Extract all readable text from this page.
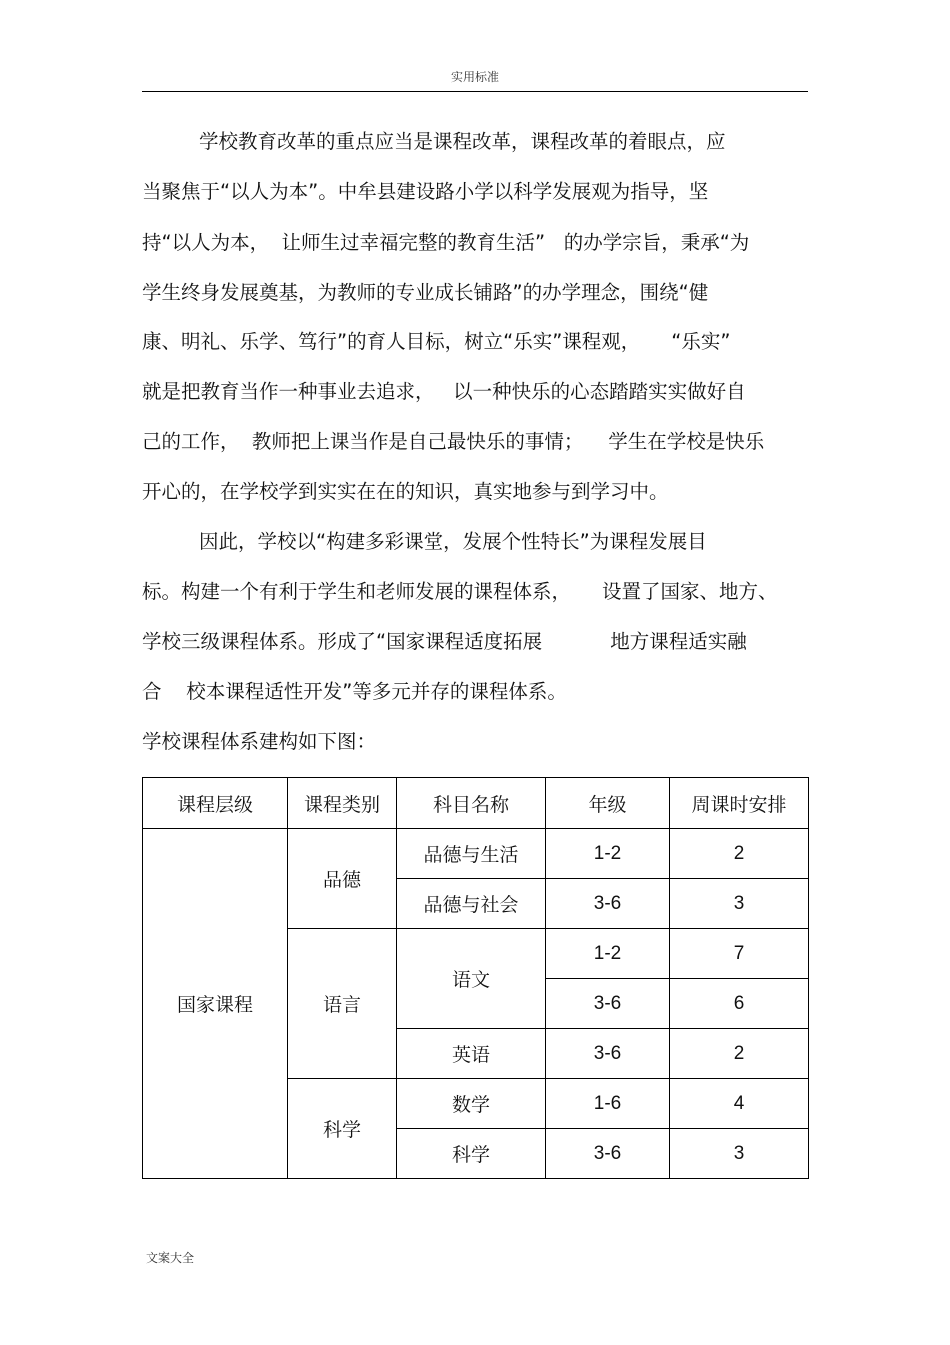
实用标准
学校教育改革的重点应当是课程改革，课程改革的着眼点，应
当聚焦于“以人为本”。中牟县建设路小学以科学发展观为指导，坚
持“以人为本，  让师生过幸福完整的教育生活”   的办学宗旨，秉承“为
学生终身发展奠基，为教师的专业成长铺路”的办学理念，围绕“健
康、明礼、乐学、笃行”的育人目标，树立“乐实”课程观，     “乐实”
就是把教育当作一种事业去追求，   以一种快乐的心态踏踏实实做好自
己的工作，  教师把上课当作是自己最快乐的事情；    学生在学校是快乐
开心的，在学校学到实实在在的知识，真实地参与到学习中。
因此，学校以“构建多彩课堂，发展个性特长”为课程发展目
标。构建一个有利于学生和老师发展的课程体系，     设置了国家、地方、
学校三级课程体系。形成了“国家课程适度拓展           地方课程适实融
合    校本课程适性开发”等多元并存的课程体系。
学校课程体系建构如下图：
课程层级	课程类别	科目名称	年级	周课时安排
国家课程	品德	品德与生活	1-2	2
		品德与社会	3-6	3
	语言	语文	1-2	7
			3-6	6
		英语	3-6	2
	科学	数学	1-6	4
		科学	3-6	3
文案大全
